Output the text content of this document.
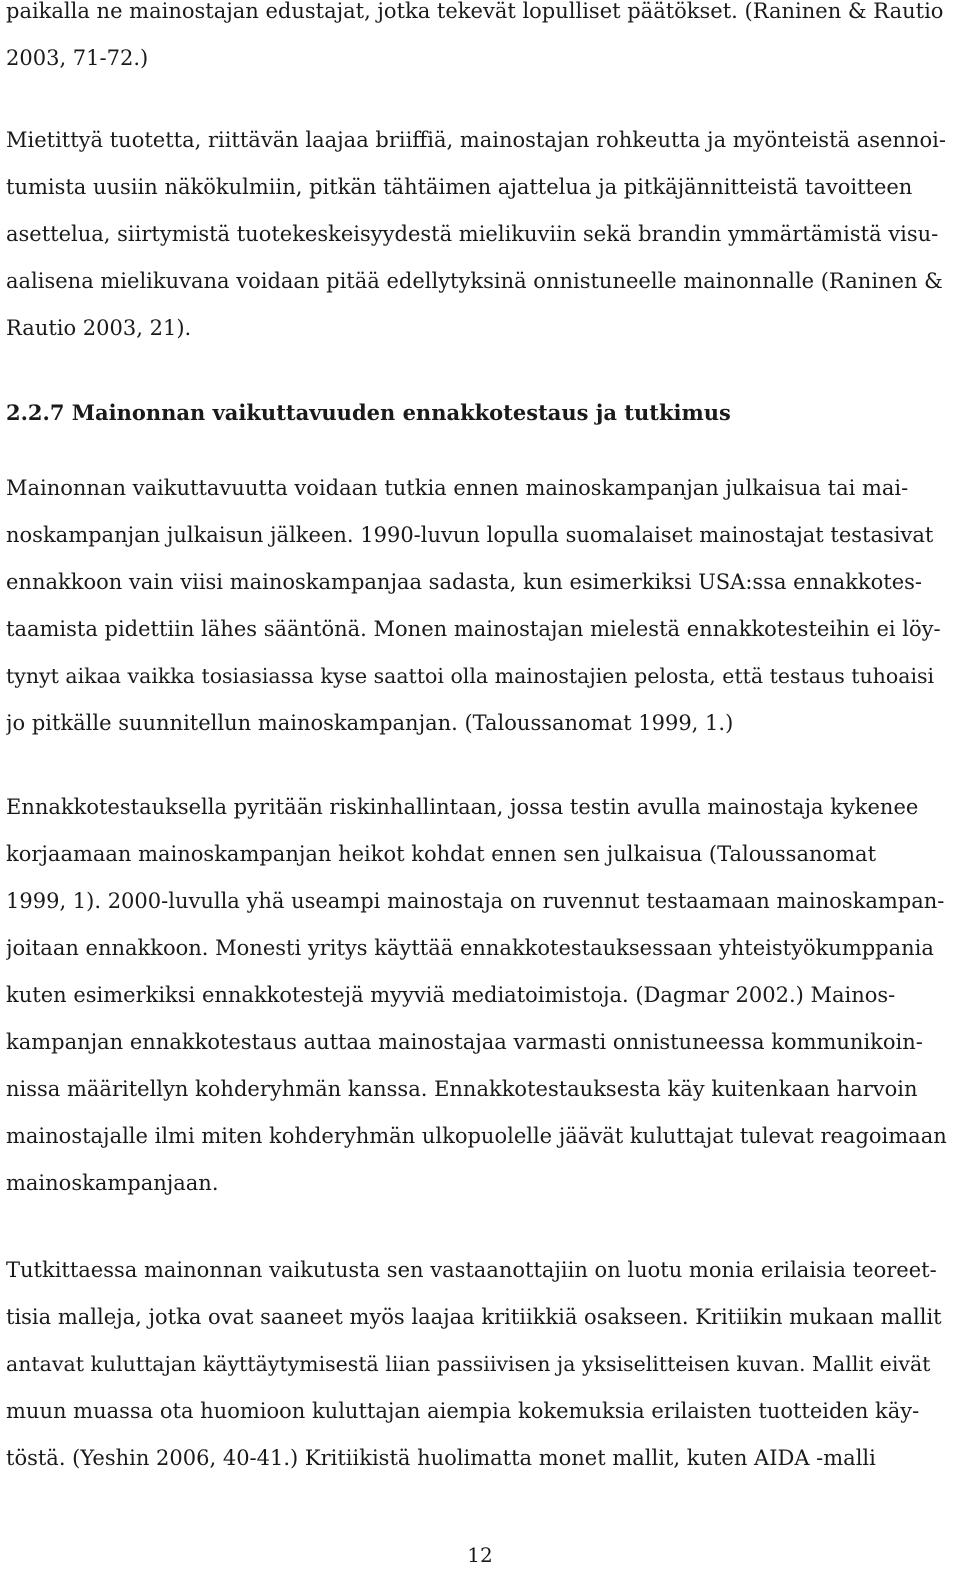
paikalla ne mainostajan edustajat, jotka tekevät lopulliset päätökset. (Raninen & Rautio
2003, 71-72.)

Mietittyä tuotetta, riittävän laajaa briiffiä, mainostajan rohkeutta ja myönteistä asennoi-
tumista uusiin näkökulmiin, pitkän tähtäimen ajattelua ja pitkäjännitteistä tavoitteen
asettelua, siirtymistä tuotekeskeisyydestä mielikuviin sekä brandin ymmärtämistä visu-
aalisena mielikuvana voidaan pitää edellytyksinä onnistuneelle mainonnalle (Raninen &
Rautio 2003, 21).

2.2.7 Mainonnan vaikuttavuuden ennakkotestaus ja tutkimus

Mainonnan vaikuttavuutta voidaan tutkia ennen mainoskampanjan julkaisua tai mai-
noskampanjan julkaisun jälkeen. 1990-luvun lopulla suomalaiset mainostajat testasivat
ennakkoon vain viisi mainoskampanjaa sadasta, kun esimerkiksi USA:ssa ennakkotes-
taamista pidettiin lähes sääntönä. Monen mainostajan mielestä ennakkotesteihin ei löy-
tynyt aikaa vaikka tosiasiassa kyse saattoi olla mainostajien pelosta, että testaus tuhoaisi
jo pitkälle suunnitellun mainoskampanjan. (Taloussanomat 1999, 1.)

Ennakkotestauksella pyritään riskinhallintaan, jossa testin avulla mainostaja kykenee
korjaamaan mainoskampanjan heikot kohdat ennen sen julkaisua (Taloussanomat
1999, 1). 2000-luvulla yhä useampi mainostaja on ruvennut testaamaan mainoskampan-
joitaan ennakkoon. Monesti yritys käyttää ennakkotestauksessaan yhteistyökumppania
kuten esimerkiksi ennakkotestejä myyviä mediatoimistoja. (Dagmar 2002.) Mainos-
kampanjan ennakkotestaus auttaa mainostajaa varmasti onnistuneessa kommunikoin-
nissa määritellyn kohderyhmän kanssa. Ennakkotestauksesta käy kuitenkaan harvoin
mainostajalle ilmi miten kohderyhmän ulkopuolelle jäävät kuluttajat tulevat reagoimaan
mainoskampanjaan.

Tutkittaessa mainonnan vaikutusta sen vastaanottajiin on luotu monia erilaisia teoreet-
tisia malleja, jotka ovat saaneet myös laajaa kritiikkiä osakseen. Kritiikin mukaan mallit
antavat kuluttajan käyttäytymisestä liian passiivisen ja yksiselitteisen kuvan. Mallit eivät
muun muassa ota huomioon kuluttajan aiempia kokemuksia erilaisten tuotteiden käy-
töstä. (Yeshin 2006, 40-41.) Kritiikistä huolimatta monet mallit, kuten AIDA -malli

12
